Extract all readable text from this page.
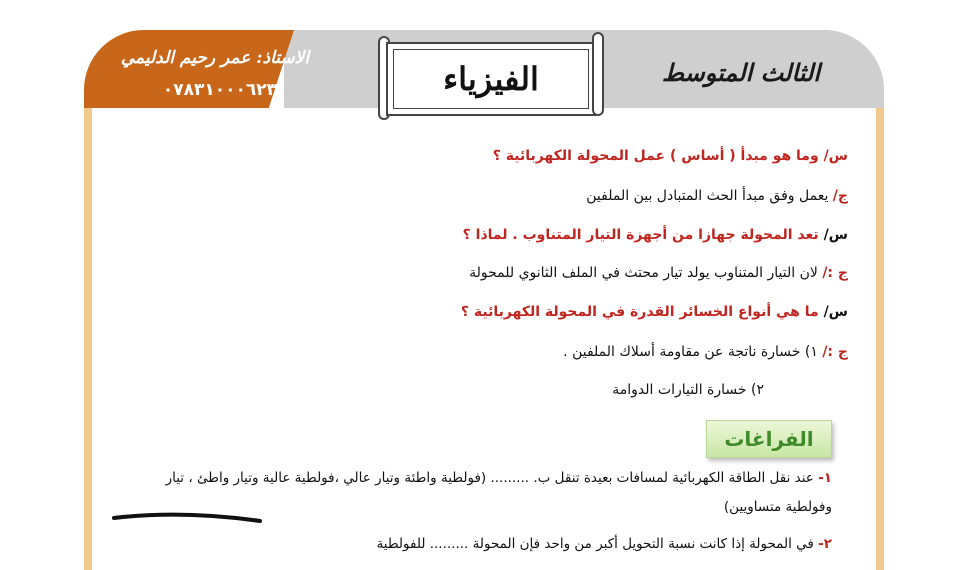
الاستاذ: عمر رحيم الدليمي
٠٧٨٣١٠٠٠٦٢٣
الثالث المتوسط
الفيزياء
س/ وما هو مبدأ ( أساس ) عمل المحولة الكهربائية ؟
ج/ يعمل وفق مبدأ الحث المتبادل بين الملفين
س/ تعد المحولة جهازا من أجهزة التيار المتناوب . لماذا ؟
ج :/ لان التيار المتناوب يولد تيار محتث في الملف الثانوي للمحولة
س/ ما هي أنواع الخسائر القدرة في المحولة الكهربائية ؟
ج :/ ١) خسارة ناتجة عن مقاومة أسلاك الملفين .
٢) خسارة التيارات الدوامة
الفراغات
١- عند نقل الطاقة الكهربائية لمسافات بعيدة تنقل ب. ......... (فولطية واطئة وتيار عالي ،فولطية عالية وتيار واطئ ، تيار
وفولطية متساويين)
٢- في المحولة إذا كانت نسبة التحويل أكبر من واحد فإن المحولة ......... للفولطية
